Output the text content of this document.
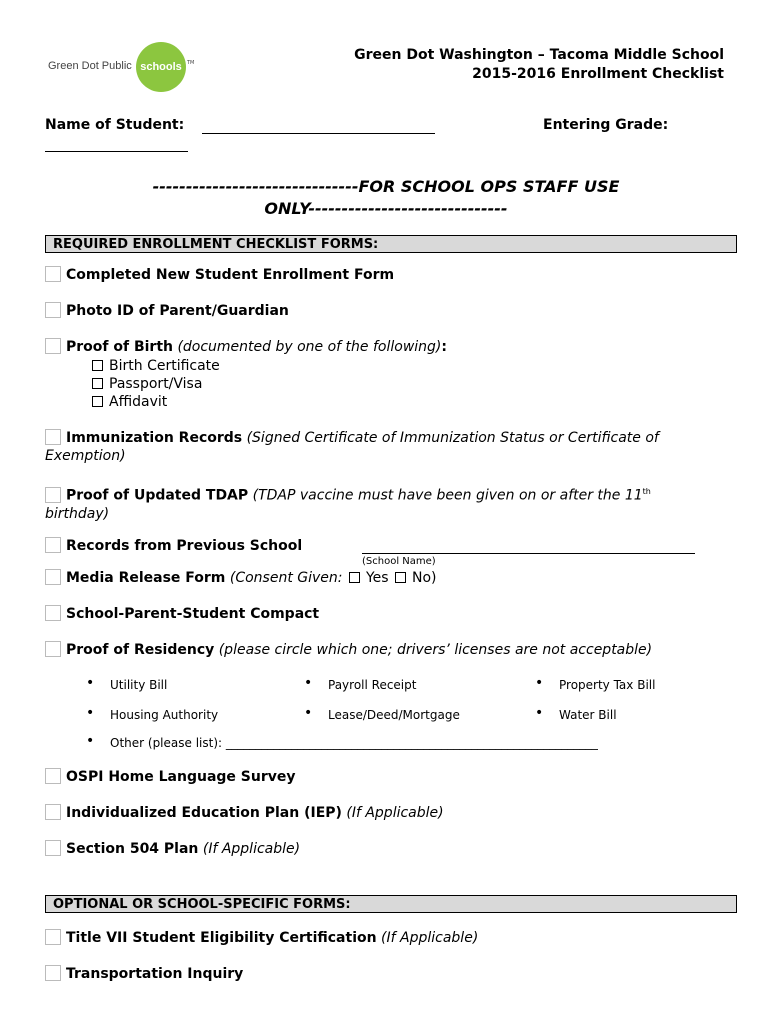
Green Dot Public schools	TM	Green Dot Washington – Tacoma Middle School
2015-2016 Enrollment Checklist
Name of Student:	Entering Grade:
-------------------------------FOR SCHOOL OPS STAFF USE
ONLY------------------------------
REQUIRED ENROLLMENT CHECKLIST FORMS:
Completed New Student Enrollment Form
Photo ID of Parent/Guardian
Proof of Birth (documented by one of the following):
Birth Certificate
Passport/Visa
Affidavit
Immunization Records (Signed Certificate of Immunization Status or Certificate of
Exemption)
Proof of Updated TDAP (TDAP vaccine must have been given on or after the 11th
birthday)
Records from Previous School
(School Name)
Media Release Form (Consent Given: Yes No)
School-Parent-Student Compact
Proof of Residency (please circle which one; drivers’ licenses are not acceptable)
• Utility Bill	• Payroll Receipt	• Property Tax Bill
• Housing Authority	• Lease/Deed/Mortgage	• Water Bill
• Other (please list): ______________________________________________________________
OSPI Home Language Survey
Individualized Education Plan (IEP) (If Applicable)
Section 504 Plan (If Applicable)
OPTIONAL OR SCHOOL-SPECIFIC FORMS:
Title VII Student Eligibility Certification (If Applicable)
Transportation Inquiry
